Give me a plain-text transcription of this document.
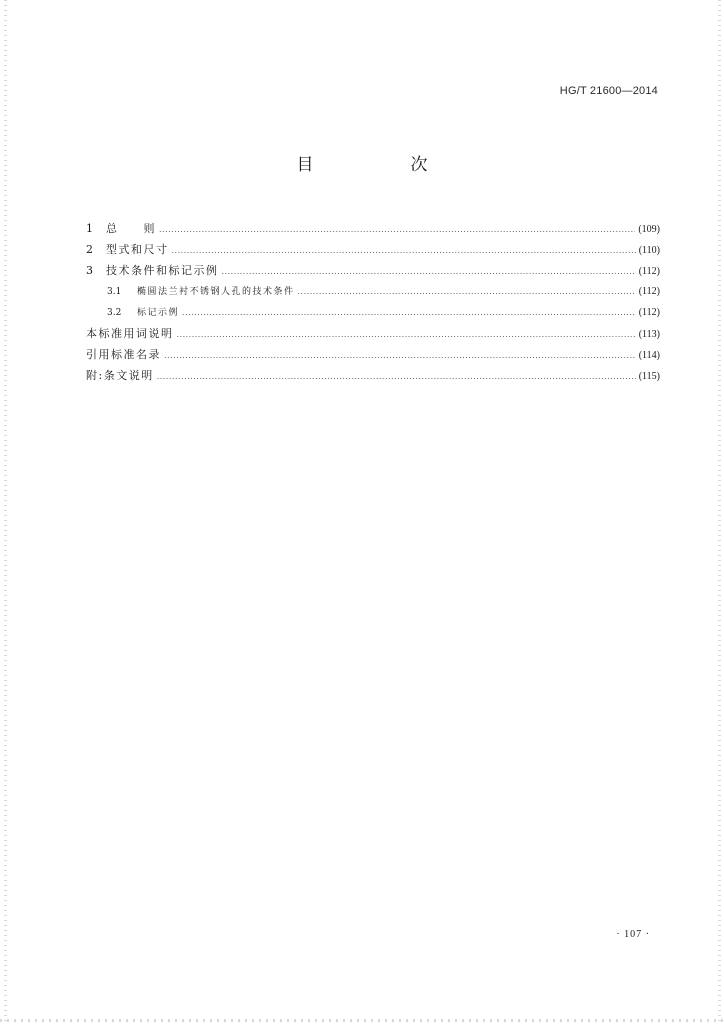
HG/T 21600—2014
目　次
1	总　　则 .....	(109)
2	型式和尺寸 .....	(110)
3	技术条件和标记示例 .....	(112)
3.1	椭圆法兰衬不锈钢人孔的技术条件 .....	(112)
3.2	标记示例 .....	(112)
本标准用词说明 .....	(113)
引用标准名录 .....	(114)
附:条文说明 .....	(115)
· 107 ·
